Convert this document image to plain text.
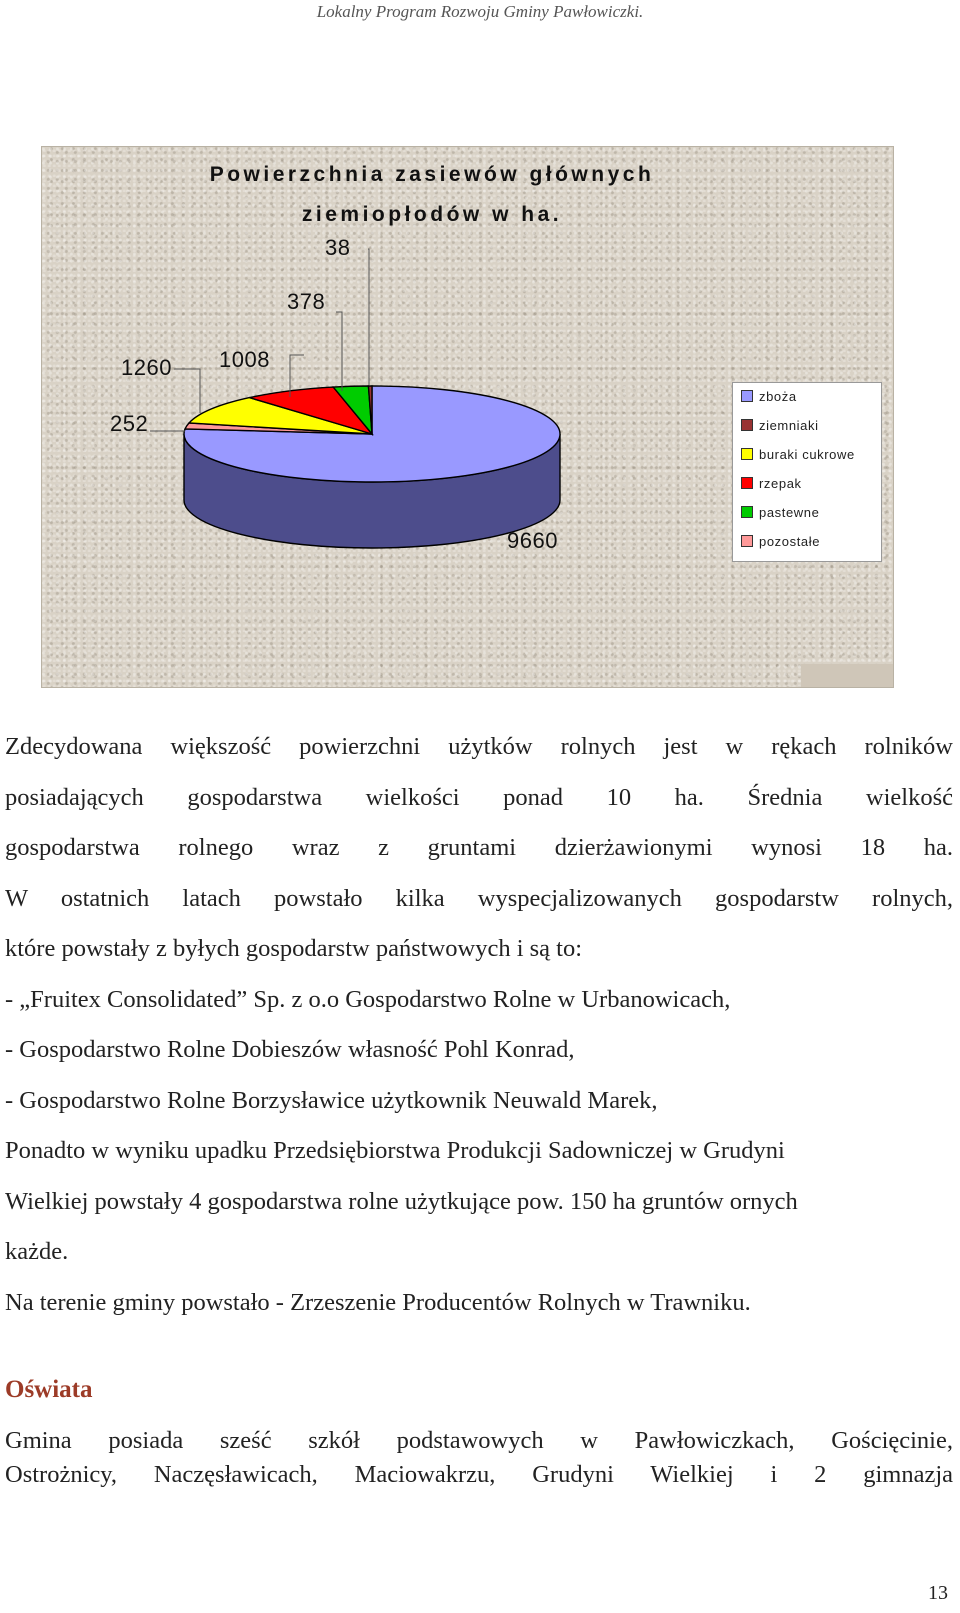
Lokalny Program Rozwoju Gminy Pawłowiczki.
Powierzchnia zasiewów głównych
ziemiopłodów w ha.
9660
38
378
1008
1260
252
zboża
ziemniaki
buraki cukrowe
rzepak
pastewne
pozostałe
Zdecydowana większość powierzchni użytków rolnych jest w rękach rolników
posiadających gospodarstwa wielkości ponad 10 ha. Średnia wielkość
gospodarstwa rolnego wraz z gruntami dzierżawionymi wynosi 18 ha.
W ostatnich latach powstało kilka wyspecjalizowanych gospodarstw rolnych,
które powstały z byłych gospodarstw państwowych i są to:
- „Fruitex Consolidated” Sp. z o.o Gospodarstwo Rolne w Urbanowicach,
- Gospodarstwo Rolne Dobieszów własność Pohl Konrad,
- Gospodarstwo Rolne Borzysławice użytkownik Neuwald Marek,
Ponadto w wyniku upadku Przedsiębiorstwa Produkcji Sadowniczej w Grudyni
Wielkiej powstały 4 gospodarstwa rolne użytkujące pow. 150 ha gruntów ornych
każde.
Na terenie gminy powstało - Zrzeszenie Producentów Rolnych w Trawniku.
Oświata
Gmina posiada sześć szkół podstawowych w Pawłowiczkach, Gościęcinie,
Ostrożnicy, Naczęsławicach, Maciowakrzu, Grudyni Wielkiej i 2 gimnazja
13
